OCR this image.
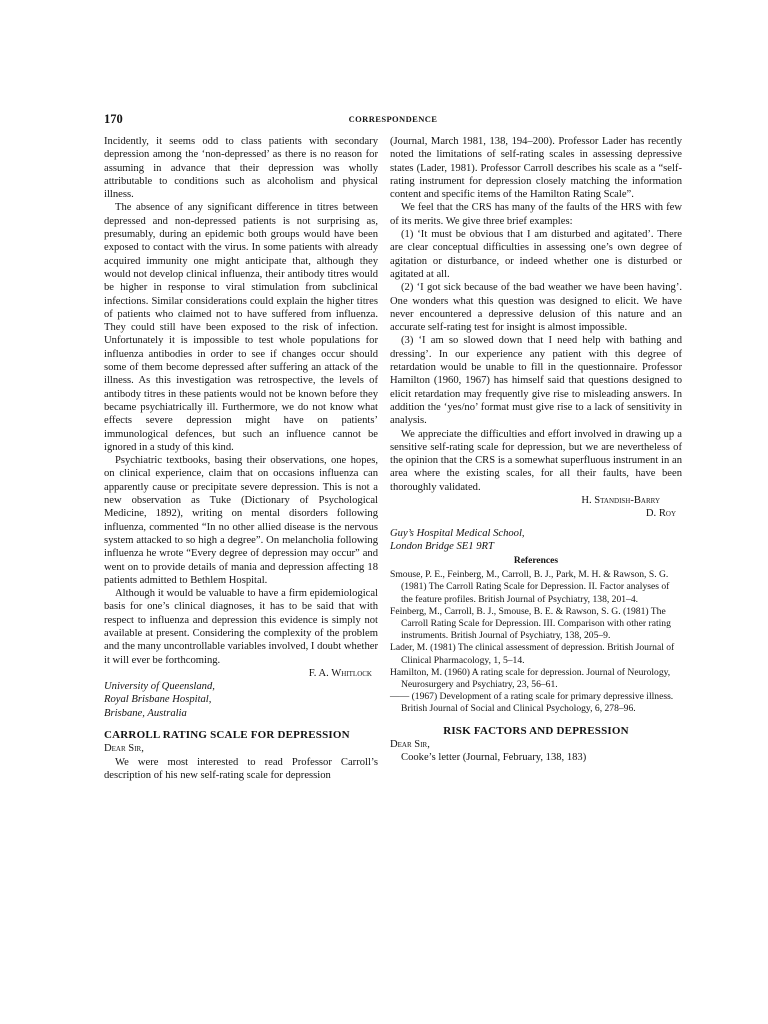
170	CORRESPONDENCE

Incidently, it seems odd to class patients with secondary depression among the ‘non-depressed’ as there is no reason for assuming in advance that their depression was wholly attributable to conditions such as alcoholism and physical illness.

The absence of any significant difference in titres between depressed and non-depressed patients is not surprising as, presumably, during an epidemic both groups would have been exposed to contact with the virus. In some patients with already acquired immunity one might anticipate that, although they would not develop clinical influenza, their antibody titres would be higher in response to viral stimulation from subclinical infections. Similar considerations could explain the higher titres of patients who claimed not to have suffered from influenza. They could still have been exposed to the risk of infection. Unfortunately it is impossible to test whole populations for influenza antibodies in order to see if changes occur should some of them become depressed after suffering an attack of the illness. As this investigation was retrospective, the levels of antibody titres in these patients would not be known before they became psychiatrically ill. Furthermore, we do not know what effects severe depression might have on patients’ immunological defences, but such an influence cannot be ignored in a study of this kind.

Psychiatric textbooks, basing their observations, one hopes, on clinical experience, claim that on occasions influenza can apparently cause or precipitate severe depression. This is not a new observation as Tuke (Dictionary of Psychological Medicine, 1892), writing on mental disorders following influenza, commented “In no other allied disease is the nervous system attacked to so high a degree”. On melancholia following influenza he wrote “Every degree of depression may occur” and went on to provide details of mania and depression affecting 18 patients admitted to Bethlem Hospital.

Although it would be valuable to have a firm epidemiological basis for one’s clinical diagnoses, it has to be said that with respect to influenza and depression this evidence is simply not available at present. Considering the complexity of the problem and the many uncontrollable variables involved, I doubt whether it will ever be forthcoming.

F. A. Whitlock
University of Queensland,
Royal Brisbane Hospital,
Brisbane, Australia
CARROLL RATING SCALE FOR DEPRESSION
Dear Sir,

We were most interested to read Professor Carroll’s description of his new self-rating scale for depression

(Journal, March 1981, 138, 194–200). Professor Lader has recently noted the limitations of self-rating scales in assessing depressive states (Lader, 1981). Professor Carroll describes his scale as a “self-rating instrument for depression closely matching the information content and specific items of the Hamilton Rating Scale”.

We feel that the CRS has many of the faults of the HRS with few of its merits. We give three brief examples:

(1) ‘It must be obvious that I am disturbed and agitated’. There are clear conceptual difficulties in assessing one’s own degree of agitation or disturbance, or indeed whether one is disturbed or agitated at all.

(2) ‘I got sick because of the bad weather we have been having’. One wonders what this question was designed to elicit. We have never encountered a depressive delusion of this nature and an accurate self-rating test for insight is almost impossible.

(3) ‘I am so slowed down that I need help with bathing and dressing’. In our experience any patient with this degree of retardation would be unable to fill in the questionnaire. Professor Hamilton (1960, 1967) has himself said that questions designed to elicit retardation may frequently give rise to misleading answers. In addition the ‘yes/no’ format must give rise to a lack of sensitivity in analysis.

We appreciate the difficulties and effort involved in drawing up a sensitive self-rating scale for depression, but we are nevertheless of the opinion that the CRS is a somewhat superfluous instrument in an area where the existing scales, for all their faults, have been thoroughly validated.

H. Standish-Barry
D. Roy
Guy’s Hospital Medical School,
London Bridge SE1 9RT
References
Smouse, P. E., Feinberg, M., Carroll, B. J., Park, M. H. & Rawson, S. G. (1981) The Carroll Rating Scale for Depression. II. Factor analyses of the feature profiles. British Journal of Psychiatry, 138, 201–4.
Feinberg, M., Carroll, B. J., Smouse, B. E. & Rawson, S. G. (1981) The Carroll Rating Scale for Depression. III. Comparison with other rating instruments. British Journal of Psychiatry, 138, 205–9.
Lader, M. (1981) The clinical assessment of depression. British Journal of Clinical Pharmacology, 1, 5–14.
Hamilton, M. (1960) A rating scale for depression. Journal of Neurology, Neurosurgery and Psychiatry, 23, 56–61.
—— (1967) Development of a rating scale for primary depressive illness. British Journal of Social and Clinical Psychology, 6, 278–96.
RISK FACTORS AND DEPRESSION
Dear Sir,

Cooke’s letter (Journal, February, 138, 183)
